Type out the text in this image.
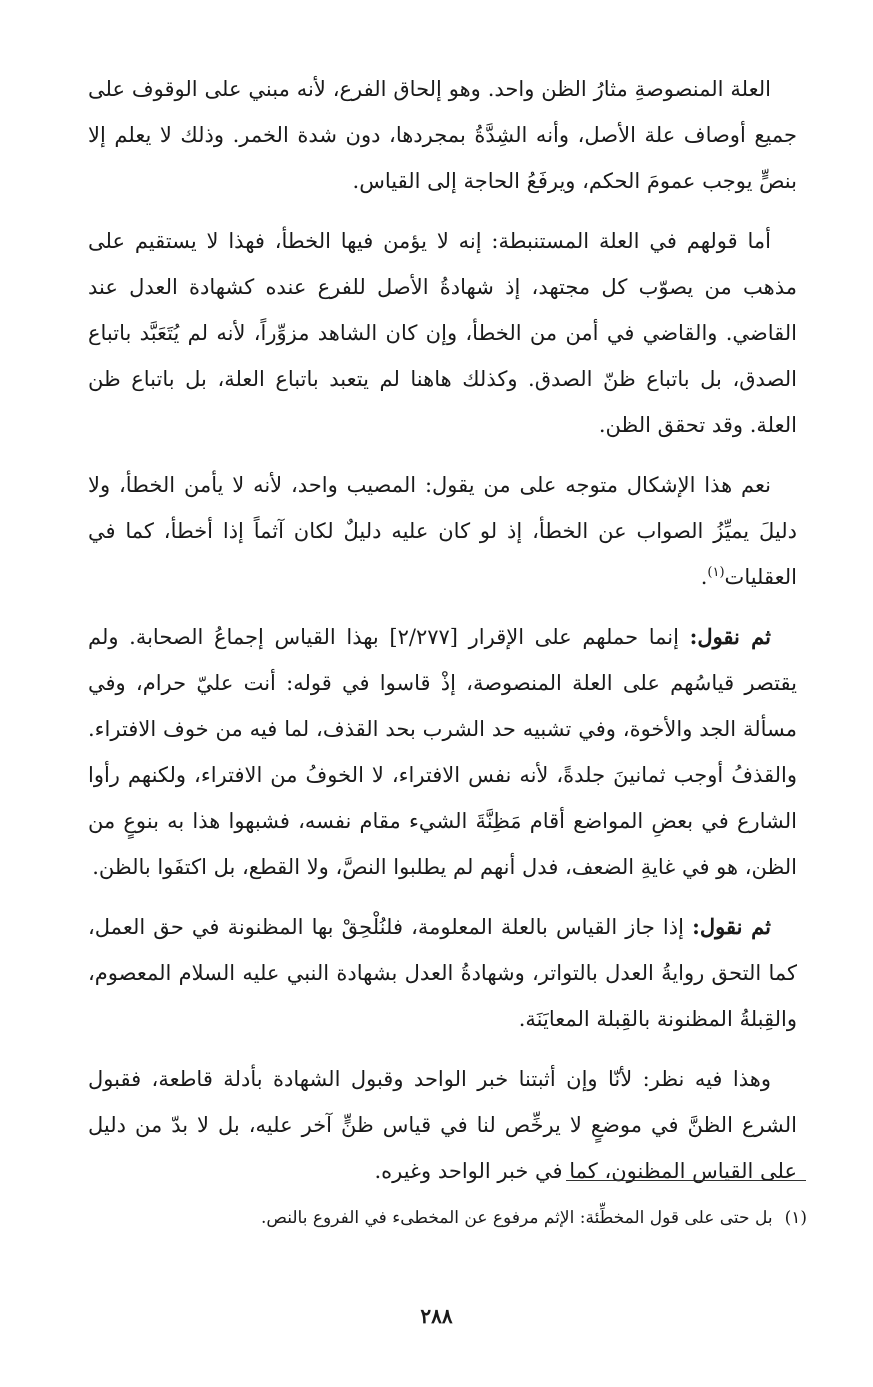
العلة المنصوصةِ مثارُ الظن واحد. وهو إلحاق الفرع، لأنه مبني على الوقوف على جميع أوصاف علة الأصل، وأنه الشِدَّةُ بمجردها، دون شدة الخمر. وذلك لا يعلم إلا بنصٍّ يوجب عمومَ الحكم، ويرفَعُ الحاجة إلى القياس.

أما قولهم في العلة المستنبطة: إنه لا يؤمن فيها الخطأ، فهذا لا يستقيم على مذهب من يصوّب كل مجتهد، إذ شهادةُ الأصل للفرع عنده كشهادة العدل عند القاضي. والقاضي في أمن من الخطأ، وإن كان الشاهد مزوِّراً، لأنه لم يُتَعَبَّد باتباع الصدق، بل باتباع ظنّ الصدق. وكذلك هاهنا لم يتعبد باتباع العلة، بل باتباع ظن العلة. وقد تحقق الظن.

نعم هذا الإشكال متوجه على من يقول: المصيب واحد، لأنه لا يأمن الخطأ، ولا دليلَ يميِّزُ الصواب عن الخطأ، إذ لو كان عليه دليلٌ لكان آثماً إذا أخطأ، كما في العقليات$^{(١)}$.

ثم نقول: إنما حملهم على الإقرار [٢/٢٧٧] بهذا القياس إجماعُ الصحابة. ولم يقتصر قياسُهم على العلة المنصوصة، إذْ قاسوا في قوله: أنت عليّ حرام، وفي مسألة الجد والأخوة، وفي تشبيه حد الشرب بحد القذف، لما فيه من خوف الافتراء. والقذفُ أوجب ثمانينَ جلدةً، لأنه نفس الافتراء، لا الخوفُ من الافتراء، ولكنهم رأوا الشارع في بعضِ المواضع أقام مَظِنَّةَ الشيء مقام نفسه، فشبهوا هذا به بنوعٍ من الظن، هو في غايةِ الضعف، فدل أنهم لم يطلبوا النصَّ، ولا القطع، بل اكتفَوا بالظن.

ثم نقول: إذا جاز القياس بالعلة المعلومة، فلنُلْحِقْ بها المظنونة في حق العمل، كما التحق روايةُ العدل بالتواتر، وشهادةُ العدل بشهادة النبي عليه السلام المعصوم، والقِبلةُ المظنونة بالقِبلة المعايَنَة.

وهذا فيه نظر: لأنّا وإن أثبتنا خبر الواحد وقبول الشهادة بأدلة قاطعة، فقبول الشرع الظنَّ في موضعٍ لا يرخِّص لنا في قياس ظنٍّ آخر عليه، بل لا بدّ من دليل على القياس المظنون، كما في خبر الواحد وغيره.

(١)بل حتى على قول المخطِّئة: الإثم مرفوع عن المخطىء في الفروع بالنص.
٢٨٨
